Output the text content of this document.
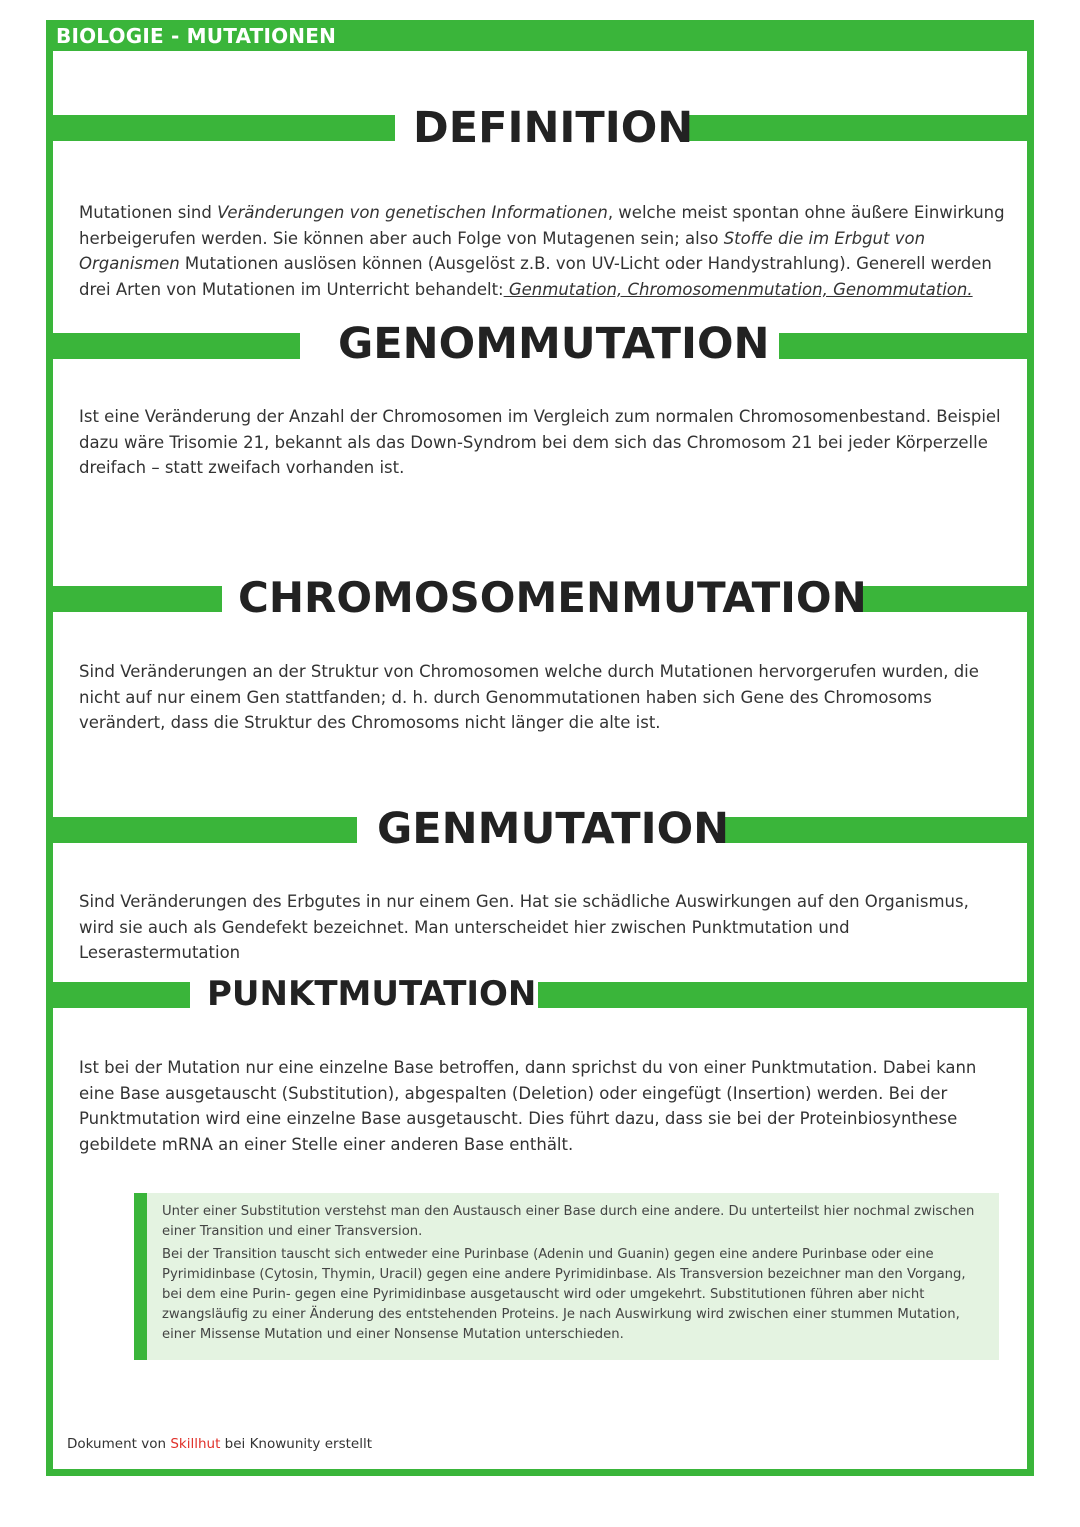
BIOLOGIE - MUTATIONEN
DEFINITION
Mutationen sind Veränderungen von genetischen Informationen, welche meist spontan ohne äußere Einwirkung herbeigerufen werden. Sie können aber auch Folge von Mutagenen sein; also Stoffe die im Erbgut von Organismen Mutationen auslösen können (Ausgelöst z.B. von UV-Licht oder Handystrahlung). Generell werden drei Arten von Mutationen im Unterricht behandelt: Genmutation, Chromosomenmutation, Genommutation.
GENOMMUTATION
Ist eine Veränderung der Anzahl der Chromosomen im Vergleich zum normalen Chromosomenbestand. Beispiel dazu wäre Trisomie 21, bekannt als das Down-Syndrom bei dem sich das Chromosom 21 bei jeder Körperzelle dreifach – statt zweifach vorhanden ist.
CHROMOSOMENMUTATION
Sind Veränderungen an der Struktur von Chromosomen welche durch Mutationen hervorgerufen wurden, die nicht auf nur einem Gen stattfanden; d. h. durch Genommutationen haben sich Gene des Chromosoms verändert, dass die Struktur des Chromosoms nicht länger die alte ist.
GENMUTATION
Sind Veränderungen des Erbgutes in nur einem Gen. Hat sie schädliche Auswirkungen auf den Organismus, wird sie auch als Gendefekt bezeichnet. Man unterscheidet hier zwischen Punktmutation und Leserastermutation
PUNKTMUTATION
Ist bei der Mutation nur eine einzelne Base betroffen, dann sprichst du von einer Punktmutation. Dabei kann eine Base ausgetauscht (Substitution), abgespalten (Deletion) oder eingefügt (Insertion) werden. Bei der Punktmutation wird eine einzelne Base ausgetauscht. Dies führt dazu, dass sie bei der Proteinbiosynthese gebildete mRNA an einer Stelle einer anderen Base enthält.

Unter einer Substitution verstehst man den Austausch einer Base durch eine andere. Du unterteilst hier nochmal zwischen einer Transition und einer Transversion.

Bei der Transition tauscht sich entweder eine Purinbase (Adenin und Guanin) gegen eine andere Purinbase oder eine Pyrimidinbase (Cytosin, Thymin, Uracil) gegen eine andere Pyrimidinbase. Als Transversion bezeichner man den Vorgang, bei dem eine Purin- gegen eine Pyrimidinbase ausgetauscht wird oder umgekehrt. Substitutionen führen aber nicht zwangsläufig zu einer Änderung des entstehenden Proteins. Je nach Auswirkung wird zwischen einer stummen Mutation, einer Missense Mutation und einer Nonsense Mutation unterschieden.

Dokument von Skillhut bei Knowunity erstellt
